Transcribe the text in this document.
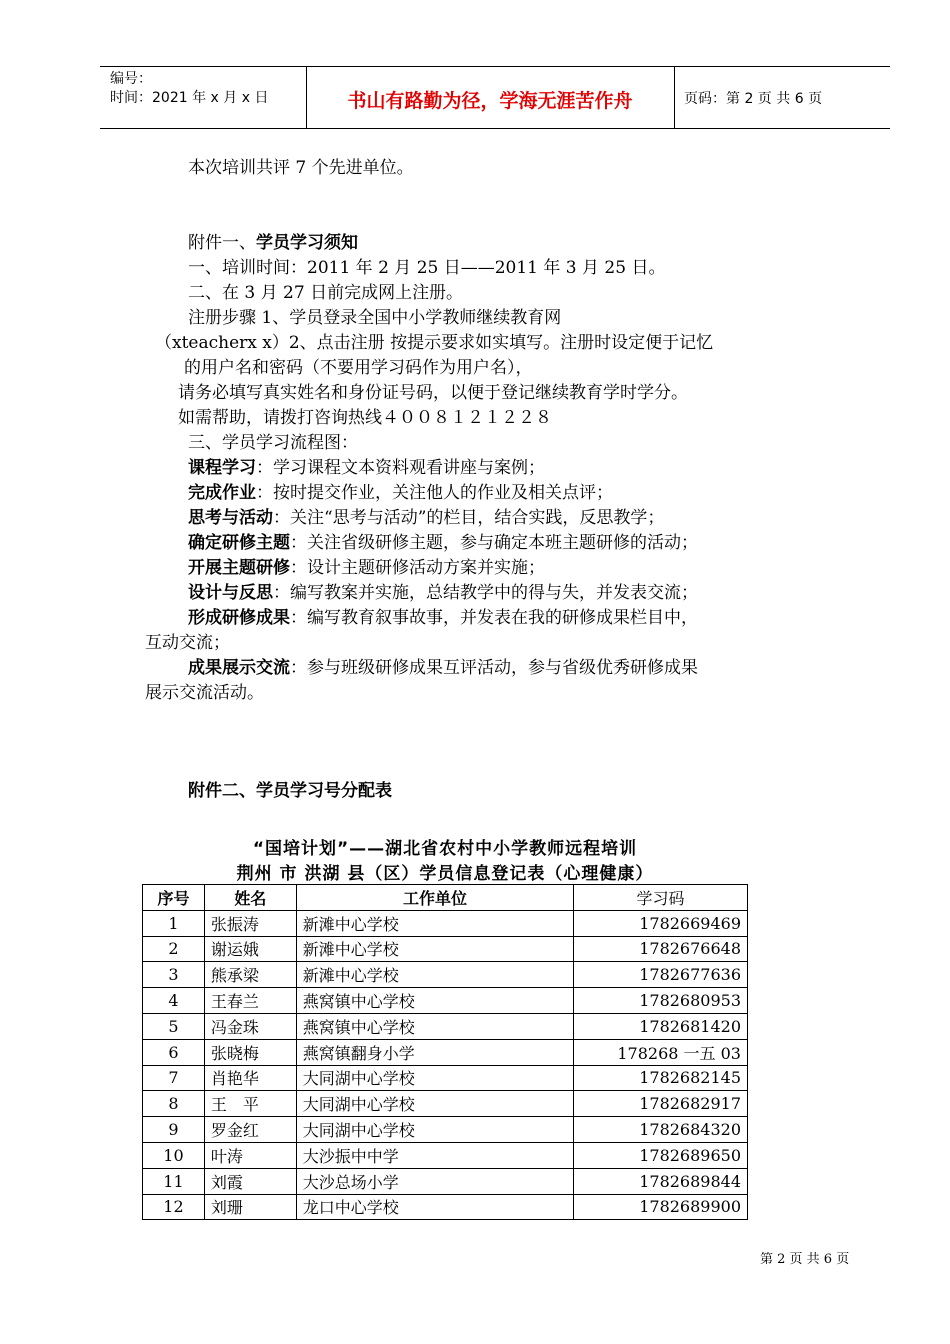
编号：
时间：2021 年 x 月 x 日	书山有路勤为径，学海无涯苦作舟	页码：第 2 页 共 6 页
本次培训共评 7 个先进单位。
附件一、学员学习须知
一、培训时间：2011 年 2 月 25 日——2011 年 3 月 25 日。
二、在 3 月 27 日前完成网上注册。
注册步骤 1、学员登录全国中小学教师继续教育网
（xteacherx x）2、点击注册 按提示要求如实填写。注册时设定便于记忆
的用户名和密码（不要用学习码作为用户名），
请务必填写真实姓名和身份证号码，以便于登记继续教育学时学分。
如需帮助，请拨打咨询热线４００８１２１２２８
三、学员学习流程图：
课程学习：学习课程文本资料观看讲座与案例；
完成作业：按时提交作业，关注他人的作业及相关点评；
思考与活动：关注“思考与活动”的栏目，结合实践，反思教学；
确定研修主题：关注省级研修主题，参与确定本班主题研修的活动；
开展主题研修：设计主题研修活动方案并实施；
设计与反思：编写教案并实施，总结教学中的得与失，并发表交流；
形成研修成果：编写教育叙事故事，并发表在我的研修成果栏目中，
互动交流；
成果展示交流：参与班级研修成果互评活动，参与省级优秀研修成果
展示交流活动。
附件二、学员学习号分配表
“国培计划”——湖北省农村中小学教师远程培训
荆州 市 洪湖 县（区）学员信息登记表（心理健康）
序号	姓名	工作单位	学习码
1	张振涛	新滩中心学校	1782669469
2	谢运娥	新滩中心学校	1782676648
3	熊承梁	新滩中心学校	1782677636
4	王春兰	燕窝镇中心学校	1782680953
5	冯金珠	燕窝镇中心学校	1782681420
6	张晓梅	燕窝镇翻身小学	178268 一五 03
7	肖艳华	大同湖中心学校	1782682145
8	王　平	大同湖中心学校	1782682917
9	罗金红	大同湖中心学校	1782684320
10	叶涛	大沙振中中学	1782689650
11	刘霞	大沙总场小学	1782689844
12	刘珊	龙口中心学校	1782689900
第 2 页 共 6 页
